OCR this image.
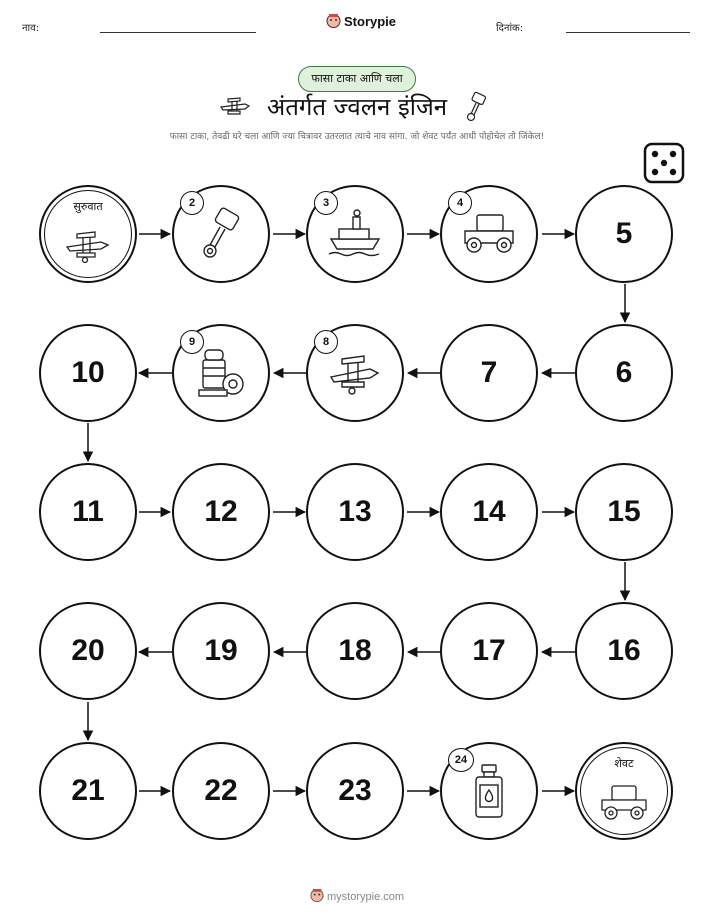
नाव:	Storypie	दिनांक:
फासा टाका आणि चला
अंतर्गत ज्वलन इंजिन
फासा टाका, तेवढी घरे चला आणि ज्या चित्रावर उतरलात त्याचे नाव सांगा. जो शेवट पर्यंत आधी पोहोचेल तो जिंकेल!
सुरुवात	2	3	4
5
10
9	8
7	6
11	12	13	14	15
20	19	18	17	16
21	22	23
24	शेवट
mystorypie.com
